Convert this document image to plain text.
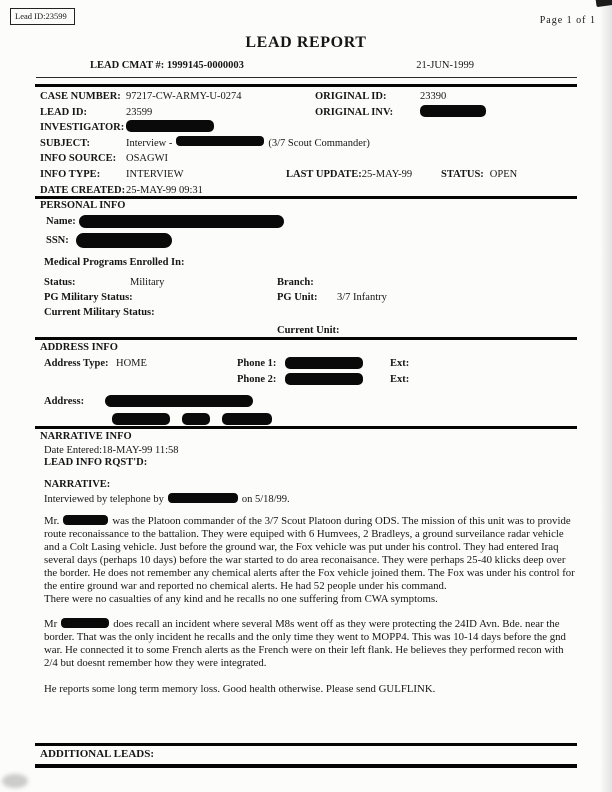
Lead ID:23599	Page 1 of 1
LEAD REPORT
LEAD CMAT #: 1999145-0000003	21-JUN-1999
CASE NUMBER: 97217-CW-ARMY-U-0274	ORIGINAL ID:	23390
LEAD ID:	23599	ORIGINAL INV:
INVESTIGATOR:
SUBJECT:	Interview -	(3/7 Scout Commander)
INFO SOURCE: OSAGWI
INFO TYPE:	INTERVIEW	LAST UPDATE:25-MAY-99	STATUS: OPEN
DATE CREATED: 25-MAY-99 09:31
PERSONAL INFO
Name:
SSN:
Medical Programs Enrolled In:
Status:	Military	Branch:
PG Military Status:	PG Unit:	3/7 Infantry
Current Military Status:
Current Unit:
ADDRESS INFO
Address Type: HOME	Phone 1:	Ext:
Phone 2:	Ext:
Address:
NARRATIVE INFO
Date Entered:18-MAY-99 11:58
LEAD INFO RQST'D:
NARRATIVE:
Interviewed by telephone by	on 5/18/99.

Mr.	was the Platoon commander of the 3/7 Scout Platoon during ODS. The mission of this unit was to provide route reconaissance to the battalion. They were equiped with 6 Humvees, 2 Bradleys, a ground surveilance radar vehicle and a Colt Lasing vehicle. Just before the ground war, the Fox vehicle was put under his control. They had entered Iraq several days (perhaps 10 days) before the war started to do area reconaisance. They were perhaps 25-40 klicks deep over the border. He does not remember any chemical alerts after the Fox vehicle joined them. The Fox was under his control for the entire ground war and reported no chemical alerts. He had 52 people under his command.
There were no casualties of any kind and he recalls no one suffering from CWA symptoms.

Mr	does recall an incident where several M8s went off as they were protecting the 24ID Avn. Bde. near the border. That was the only incident he recalls and the only time they went to MOPP4. This was 10-14 days before the gnd war. He connected it to some French alerts as the French were on their left flank. He believes they performed recon with 2/4 but doesnt remember how they were integrated.

He reports some long term memory loss. Good health otherwise. Please send GULFLINK.

ADDITIONAL LEADS:
